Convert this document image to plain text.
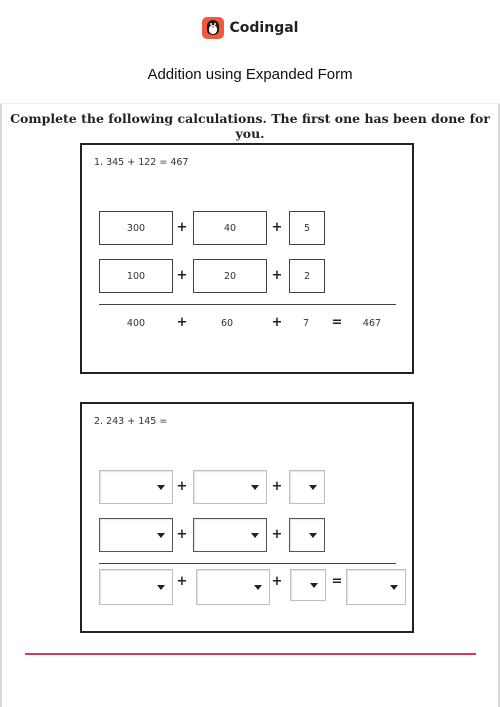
Codingal
Addition using Expanded Form
Complete the following calculations. The first one has been done for you.
1. 345 + 122 = 467
300	+	40	+	5
100	+	20	+	2
400	+	60	+	7	=	467
2. 243 + 145 =
+	+
+	+
+	+	=
